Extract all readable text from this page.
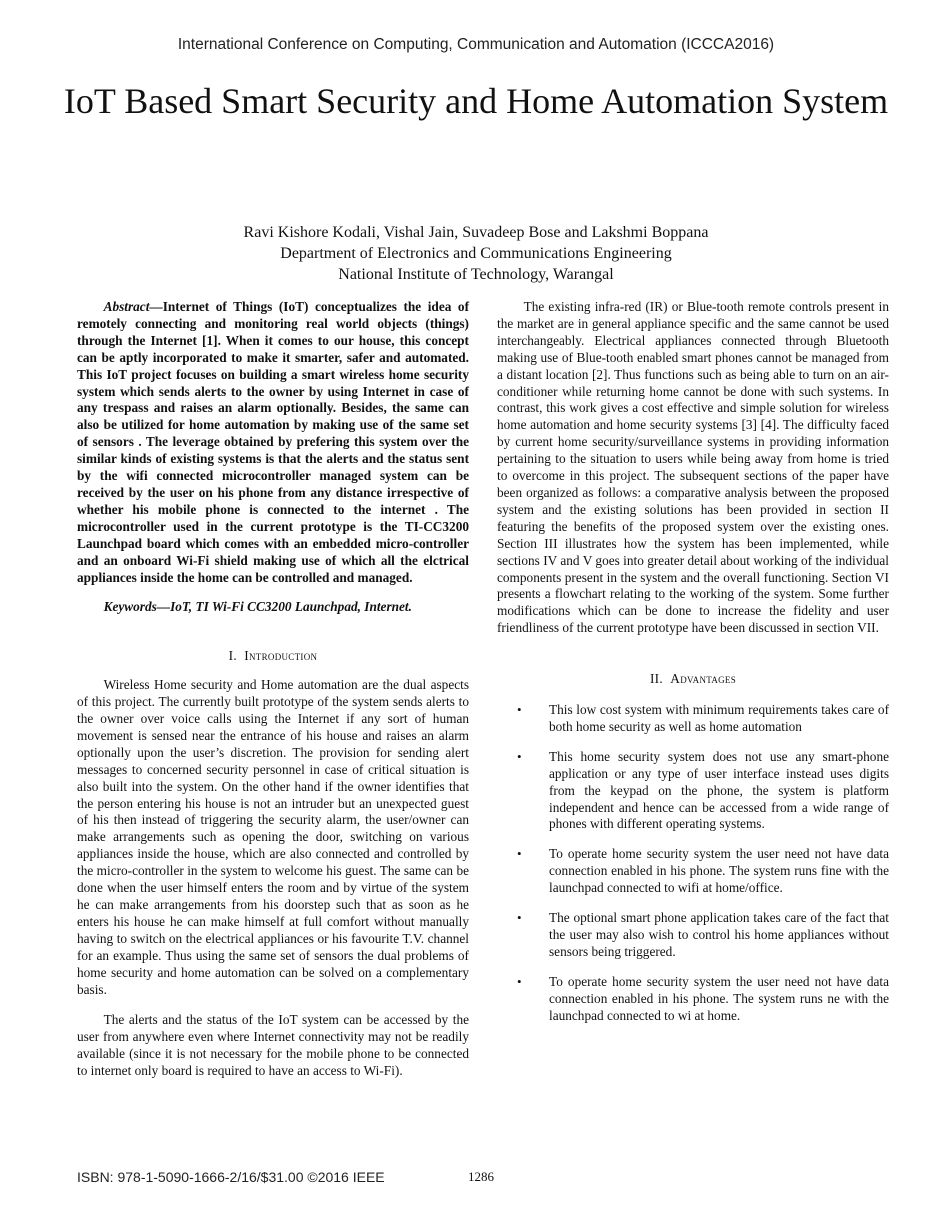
International Conference on Computing, Communication and Automation (ICCCA2016)
IoT Based Smart Security and Home Automation System
Ravi Kishore Kodali, Vishal Jain, Suvadeep Bose and Lakshmi Boppana
Department of Electronics and Communications Engineering
National Institute of Technology, Warangal

Abstract—Internet of Things (IoT) conceptualizes the idea of remotely connecting and monitoring real world objects (things) through the Internet [1]. When it comes to our house, this concept can be aptly incorporated to make it smarter, safer and automated. This IoT project focuses on building a smart wireless home security system which sends alerts to the owner by using Internet in case of any trespass and raises an alarm optionally. Besides, the same can also be utilized for home automation by making use of the same set of sensors . The leverage obtained by prefering this system over the similar kinds of existing systems is that the alerts and the status sent by the wifi connected microcontroller managed system can be received by the user on his phone from any distance irrespective of whether his mobile phone is connected to the internet . The microcontroller used in the current prototype is the TI-CC3200 Launchpad board which comes with an embedded micro-controller and an onboard Wi-Fi shield making use of which all the elctrical appliances inside the home can be controlled and managed.

Keywords—IoT, TI Wi-Fi CC3200 Launchpad, Internet.

I. Introduction

Wireless Home security and Home automation are the dual aspects of this project. The currently built prototype of the system sends alerts to the owner over voice calls using the Internet if any sort of human movement is sensed near the entrance of his house and raises an alarm optionally upon the user’s discretion. The provision for sending alert messages to concerned security personnel in case of critical situation is also built into the system. On the other hand if the owner identifies that the person entering his house is not an intruder but an unexpected guest of his then instead of triggering the security alarm, the user/owner can make arrangements such as opening the door, switching on various appliances inside the house, which are also connected and controlled by the micro-controller in the system to welcome his guest. The same can be done when the user himself enters the room and by virtue of the system he can make arrangements from his doorstep such that as soon as he enters his house he can make himself at full comfort without manually having to switch on the electrical appliances or his favourite T.V. channel for an example. Thus using the same set of sensors the dual problems of home security and home automation can be solved on a complementary basis.

The alerts and the status of the IoT system can be accessed by the user from anywhere even where Internet connectivity may not be readily available (since it is not necessary for the mobile phone to be connected to internet only board is required to have an access to Wi-Fi).

The existing infra-red (IR) or Blue-tooth remote controls present in the market are in general appliance specific and the same cannot be used interchangeably. Electrical appliances connected through Bluetooth making use of Blue-tooth enabled smart phones cannot be managed from a distant location [2]. Thus functions such as being able to turn on an air-conditioner while returning home cannot be done with such systems. In contrast, this work gives a cost effective and simple solution for wireless home automation and home security systems [3] [4]. The difficulty faced by current home security/surveillance systems in providing information pertaining to the situation to users while being away from home is tried to overcome in this project. The subsequent sections of the paper have been organized as follows: a comparative analysis between the proposed system and the existing solutions has been provided in section II featuring the benefits of the proposed system over the existing ones. Section III illustrates how the system has been implemented, while sections IV and V goes into greater detail about working of the individual components present in the system and the overall functioning. Section VI presents a flowchart relating to the working of the system. Some further modifications which can be done to increase the fidelity and user friendliness of the current prototype have been discussed in section VII.

II. Advantages
• This low cost system with minimum requirements takes care of both home security as well as home automation
• This home security system does not use any smart-phone application or any type of user interface instead uses digits from the keypad on the phone, the system is platform independent and hence can be accessed from a wide range of phones with different operating systems.
• To operate home security system the user need not have data connection enabled in his phone. The system runs fine with the launchpad connected to wifi at home/office.
• The optional smart phone application takes care of the fact that the user may also wish to control his home appliances without sensors being triggered.
• To operate home security system the user need not have data connection enabled in his phone. The system runs ne with the launchpad connected to wi at home.
ISBN: 978-1-5090-1666-2/16/$31.00 ©2016 IEEE	1286
